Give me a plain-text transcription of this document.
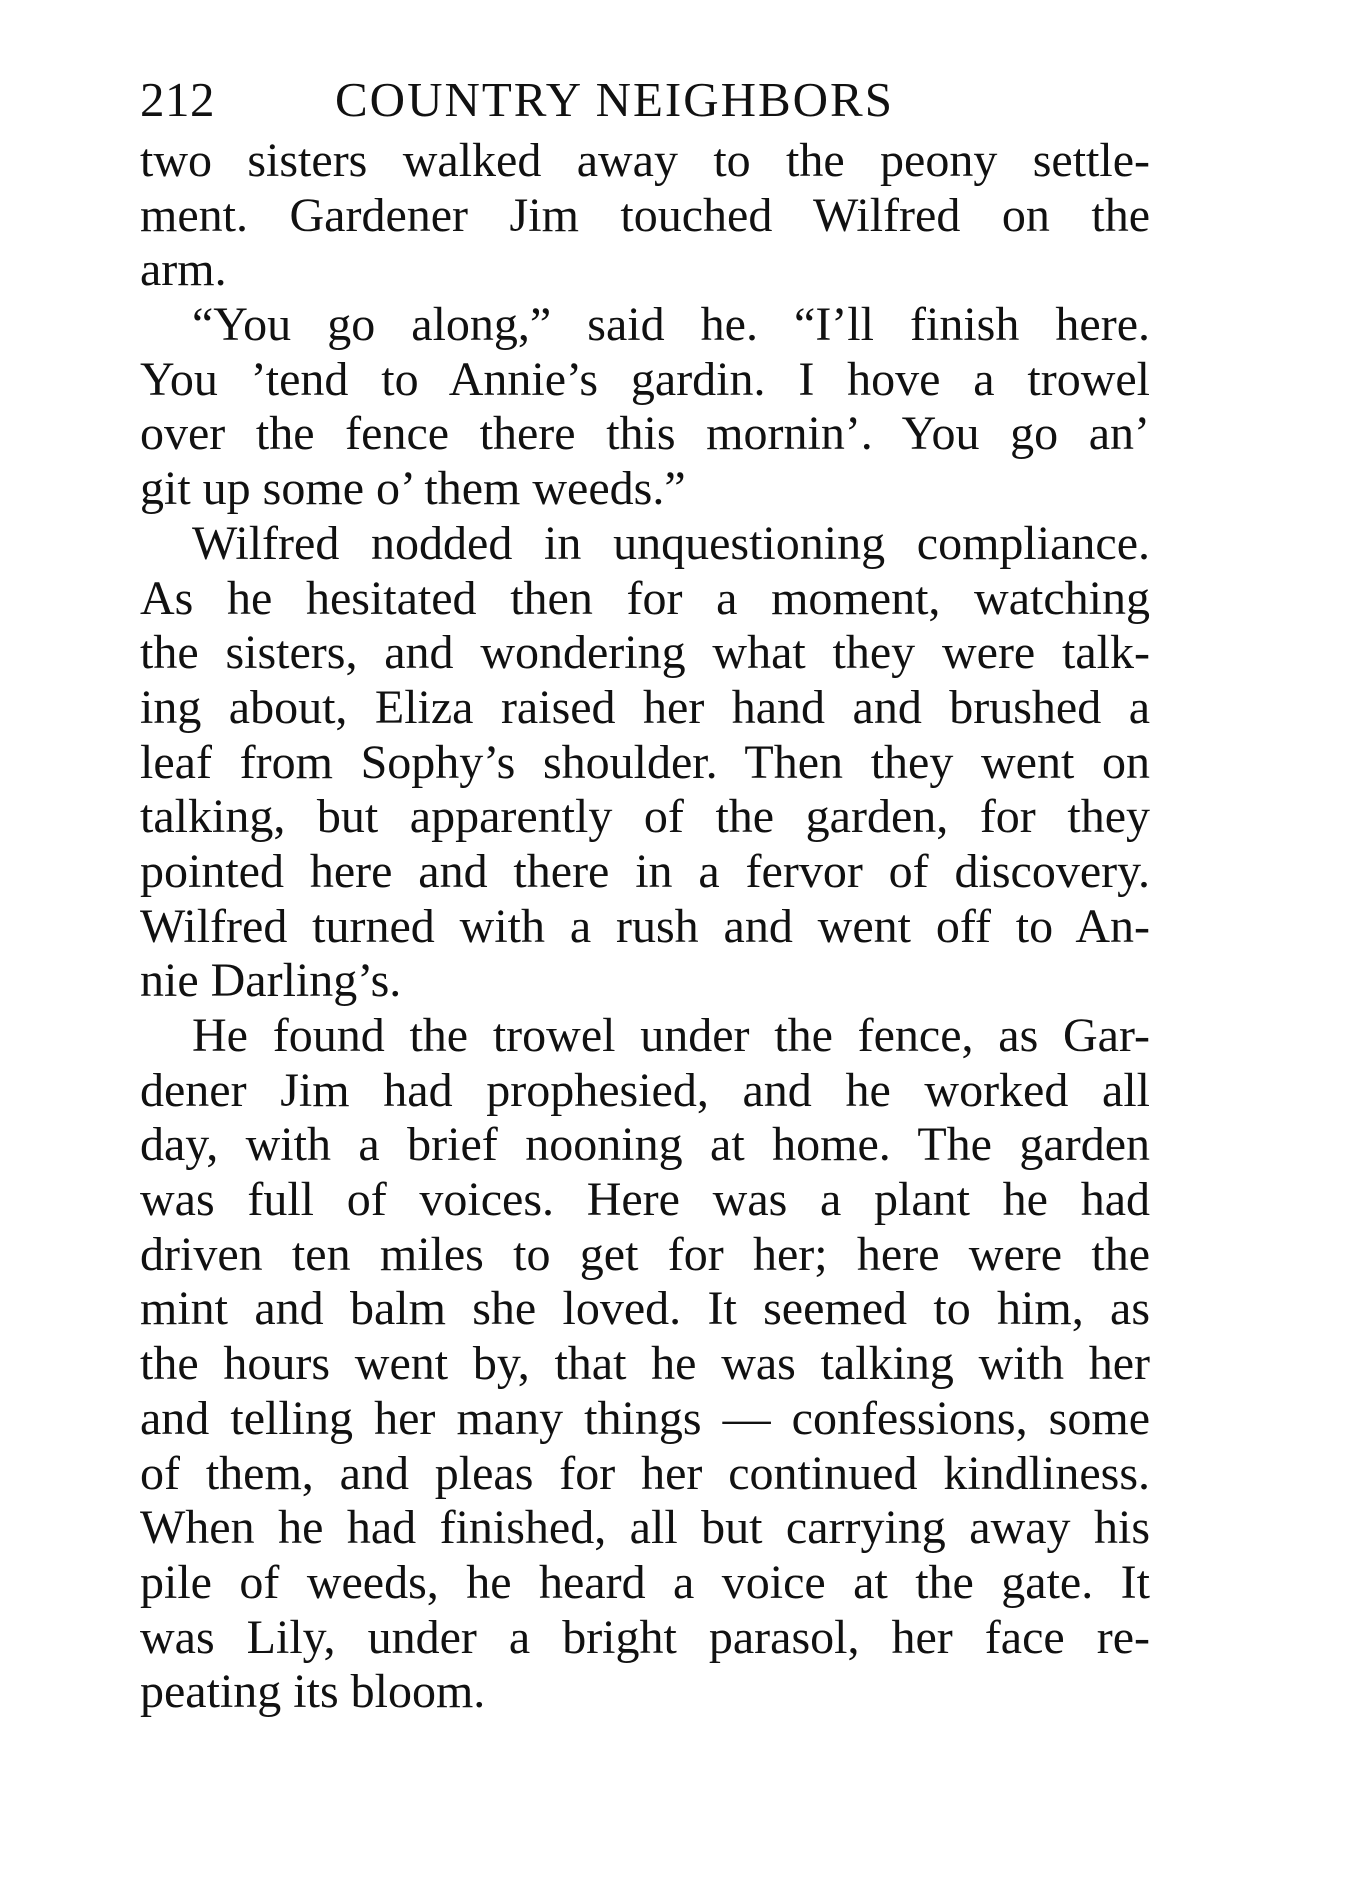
212	COUNTRY NEIGHBORS

two sisters walked away to the peony settle-
ment. Gardener Jim touched Wilfred on the
arm.

“You go along,” said he. “I’ll finish here.
You ’tend to Annie’s gardin. I hove a trowel
over the fence there this mornin’. You go an’
git up some o’ them weeds.”

Wilfred nodded in unquestioning compliance.
As he hesitated then for a moment, watching
the sisters, and wondering what they were talk-
ing about, Eliza raised her hand and brushed a
leaf from Sophy’s shoulder. Then they went on
talking, but apparently of the garden, for they
pointed here and there in a fervor of discovery.
Wilfred turned with a rush and went off to An-
nie Darling’s.

He found the trowel under the fence, as Gar-
dener Jim had prophesied, and he worked all
day, with a brief nooning at home. The garden
was full of voices. Here was a plant he had
driven ten miles to get for her; here were the
mint and balm she loved. It seemed to him, as
the hours went by, that he was talking with her
and telling her many things — confessions, some
of them, and pleas for her continued kindliness.
When he had finished, all but carrying away his
pile of weeds, he heard a voice at the gate. It
was Lily, under a bright parasol, her face re-
peating its bloom.
